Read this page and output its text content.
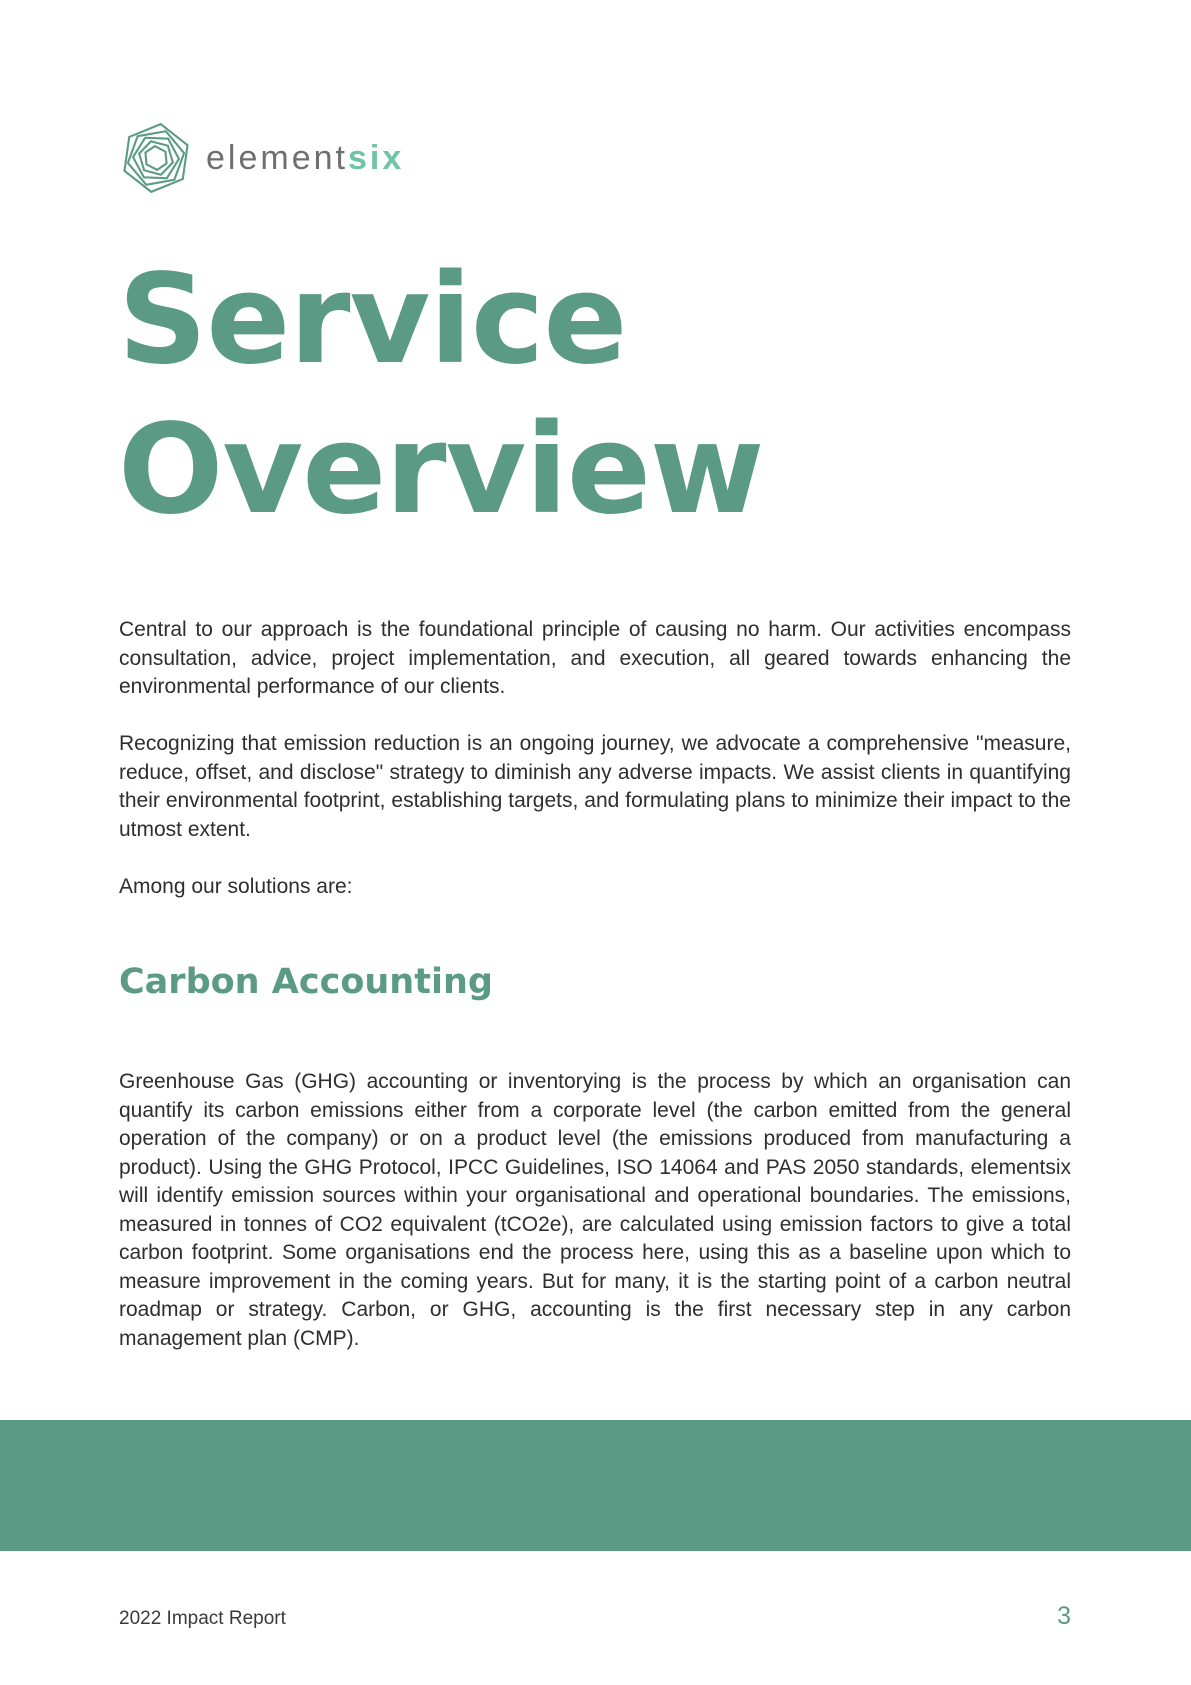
elementsix
Service
Overview

Central to our approach is the foundational principle of causing no harm. Our activities encompass consultation, advice, project implementation, and execution, all geared towards enhancing the environmental performance of our clients.

Recognizing that emission reduction is an ongoing journey, we advocate a comprehensive "measure, reduce, offset, and disclose" strategy to diminish any adverse impacts. We assist clients in quantifying their environmental footprint, establishing targets, and formulating plans to minimize their impact to the utmost extent.

Among our solutions are:

Carbon Accounting

Greenhouse Gas (GHG) accounting or inventorying is the process by which an organisation can quantify its carbon emissions either from a corporate level (the carbon emitted from the general operation of the company) or on a product level (the emissions produced from manufacturing a product). Using the GHG Protocol, IPCC Guidelines, ISO 14064 and PAS 2050 standards, elementsix will identify emission sources within your organisational and operational boundaries. The emissions, measured in tonnes of CO2 equivalent (tCO2e), are calculated using emission factors to give a total carbon footprint. Some organisations end the process here, using this as a baseline upon which to measure improvement in the coming years. But for many, it is the starting point of a carbon neutral roadmap or strategy. Carbon, or GHG, accounting is the first necessary step in any carbon management plan (CMP).

2022 Impact Report	3
